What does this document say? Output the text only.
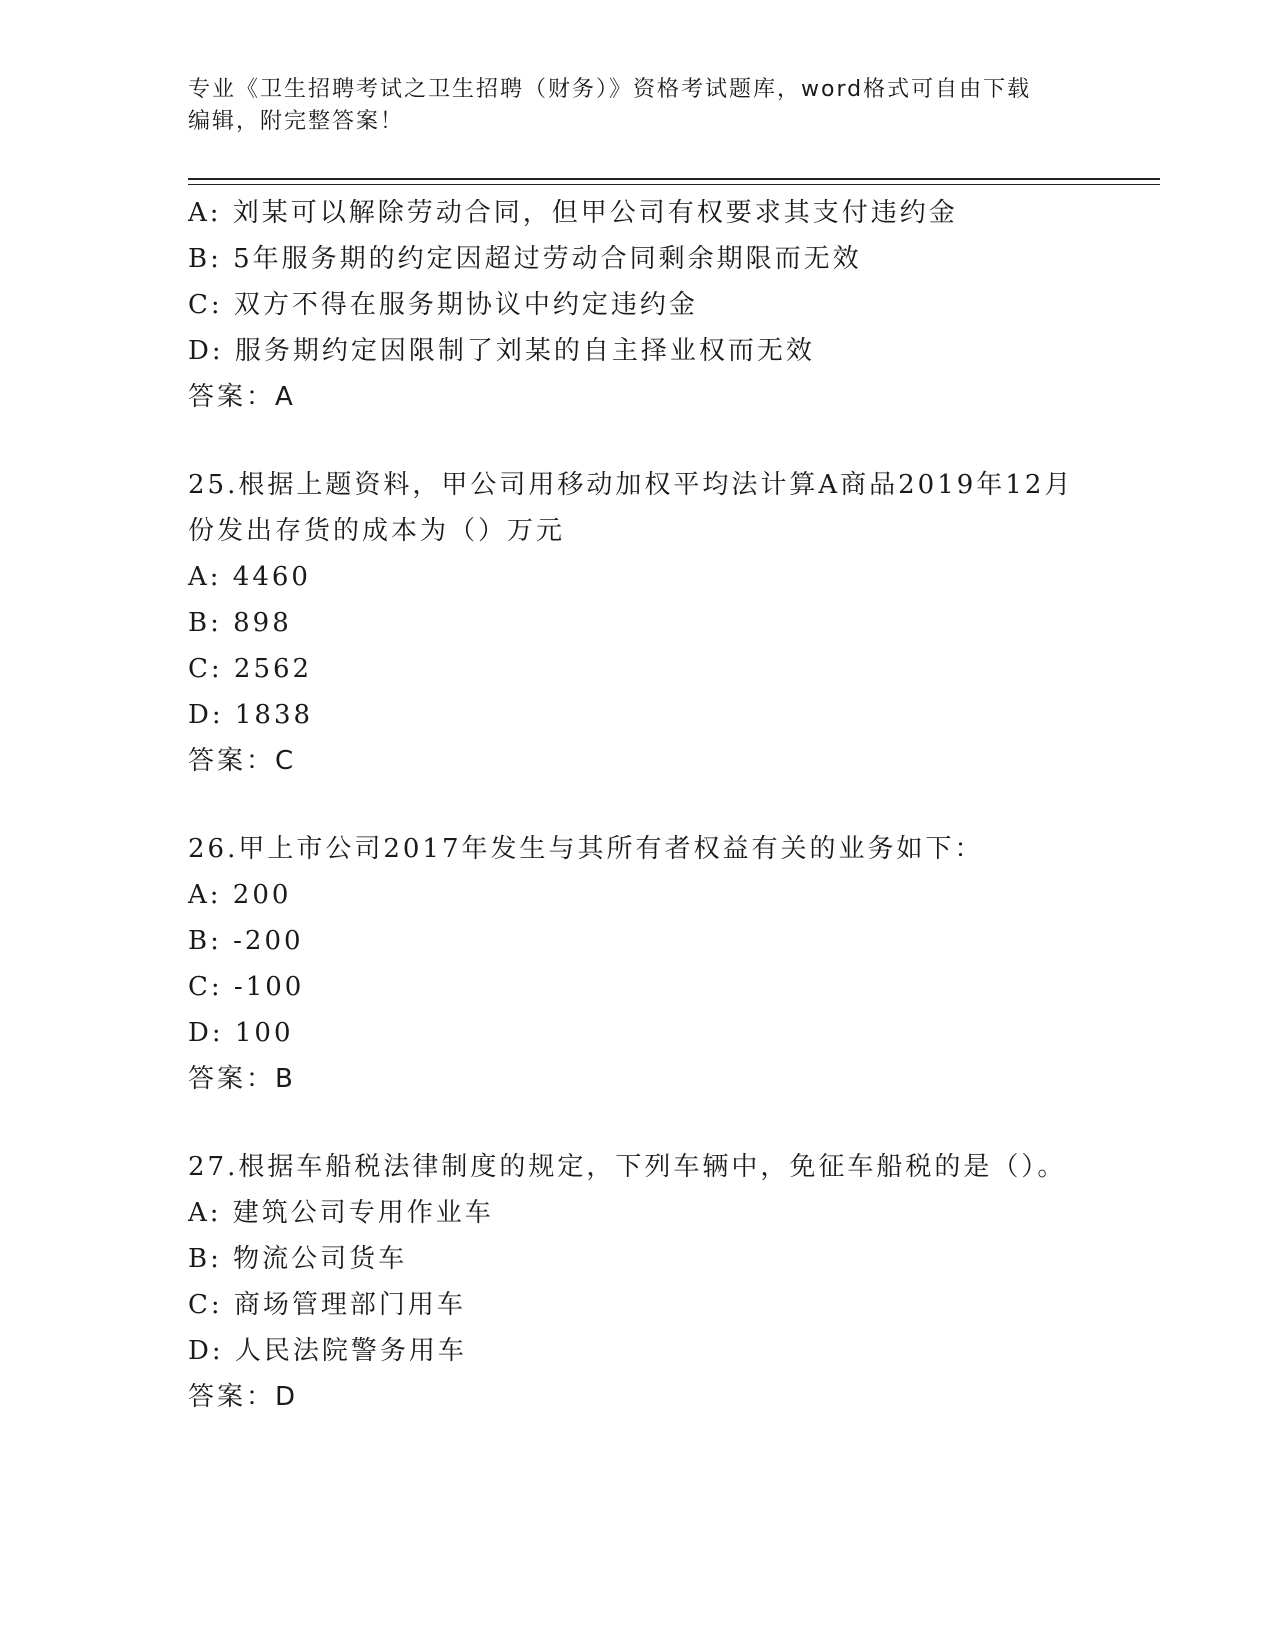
专业《卫生招聘考试之卫生招聘（财务）》资格考试题库，word格式可自由下载
编辑，附完整答案！
A: 刘某可以解除劳动合同，但甲公司有权要求其支付违约金
B: 5年服务期的约定因超过劳动合同剩余期限而无效
C: 双方不得在服务期协议中约定违约金
D: 服务期约定因限制了刘某的自主择业权而无效
答案：A
25.根据上题资料，甲公司用移动加权平均法计算A商品2019年12月
份发出存货的成本为（）万元
A: 4460
B: 898
C: 2562
D: 1838
答案：C
26.甲上市公司2017年发生与其所有者权益有关的业务如下：
A: 200
B: -200
C: -100
D: 100
答案：B
27.根据车船税法律制度的规定，下列车辆中，免征车船税的是（）。
A: 建筑公司专用作业车
B: 物流公司货车
C: 商场管理部门用车
D: 人民法院警务用车
答案：D
